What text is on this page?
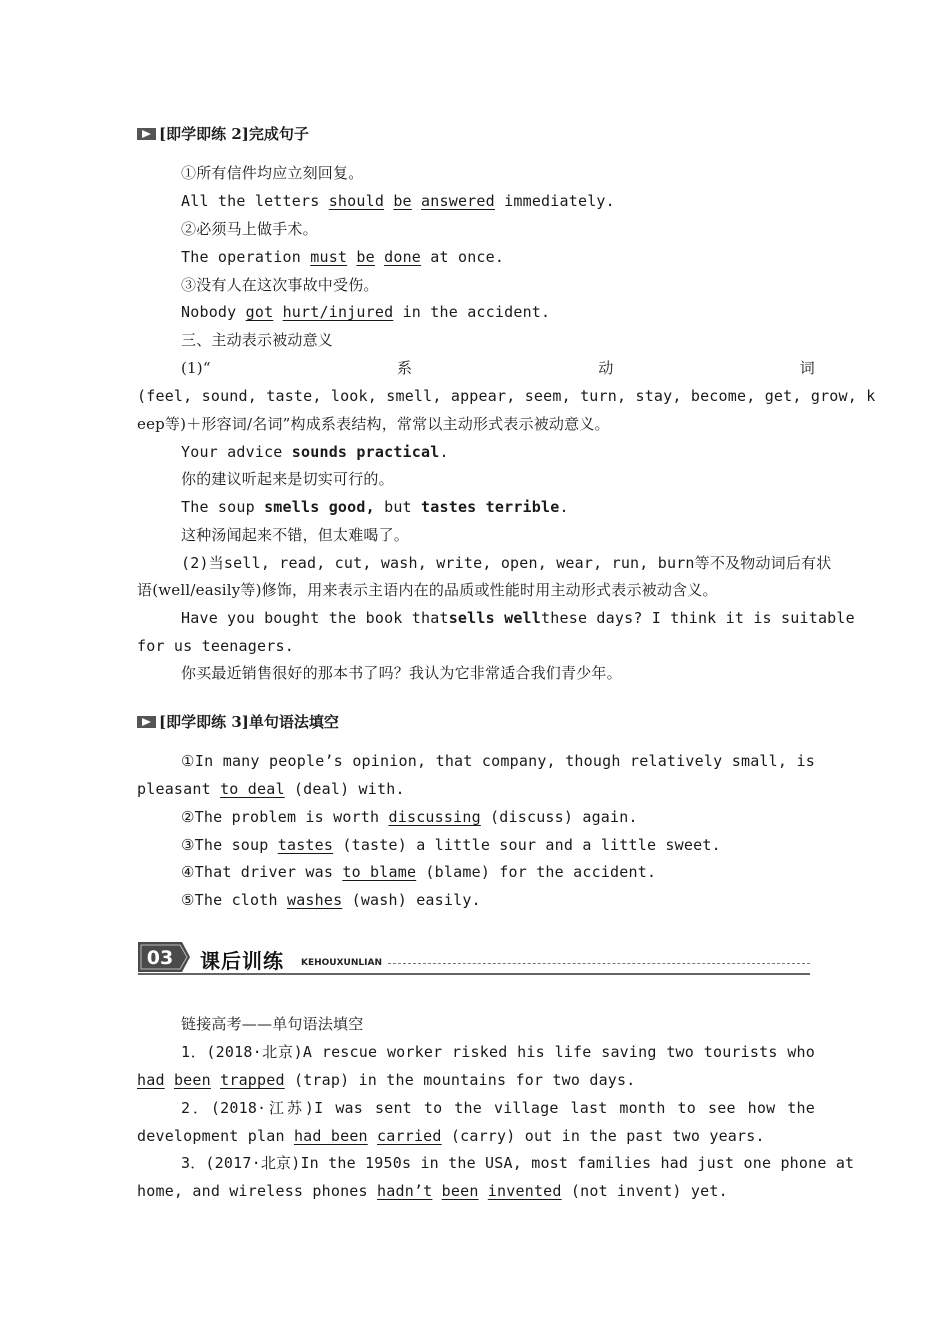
[即学即练 2]完成句子
①所有信件均应立刻回复。
All the letters should be answered immediately.
②必须马上做手术。
The operation must be done at once.
③没有人在这次事故中受伤。
Nobody got hurt/injured in the accident.
三、主动表示被动意义
(1)“	系	动	词
(feel, sound, taste, look, smell, appear, seem, turn, stay, become, get, grow, k
eep等)＋形容词/名词”构成系表结构，常常以主动形式表示被动意义。
Your advice sounds practical.
你的建议听起来是切实可行的。
The soup smells good, but tastes terrible.
这种汤闻起来不错，但太难喝了。
(2)当sell, read, cut, wash, write, open, wear, run, burn等不及物动词后有状
语(well/easily等)修饰，用来表示主语内在的品质或性能时用主动形式表示被动含义。
Have you bought the book that sells well these days? I think it is suitable
for us teenagers.
你买最近销售很好的那本书了吗？我认为它非常适合我们青少年。
[即学即练 3]单句语法填空
①In many people’s opinion, that company, though relatively small, is
pleasant to deal (deal) with.
②The problem is worth discussing (discuss) again.
③The soup tastes (taste) a little sour and a little sweet.
④That driver was to blame (blame) for the accident.
⑤The cloth washes (wash) easily.
03 课后训练 KEHOUXUNLIAN
链接高考——单句语法填空
1．(2018·北京)A rescue worker risked his life saving two tourists who
had been trapped (trap) in the mountains for two days.
2．(2018·江苏)I was sent to the village last month to see how the
development plan had been carried (carry) out in the past two years.
3．(2017·北京)In the 1950s in the USA, most families had just one phone at
home, and wireless phones hadn’t been invented (not invent) yet.
